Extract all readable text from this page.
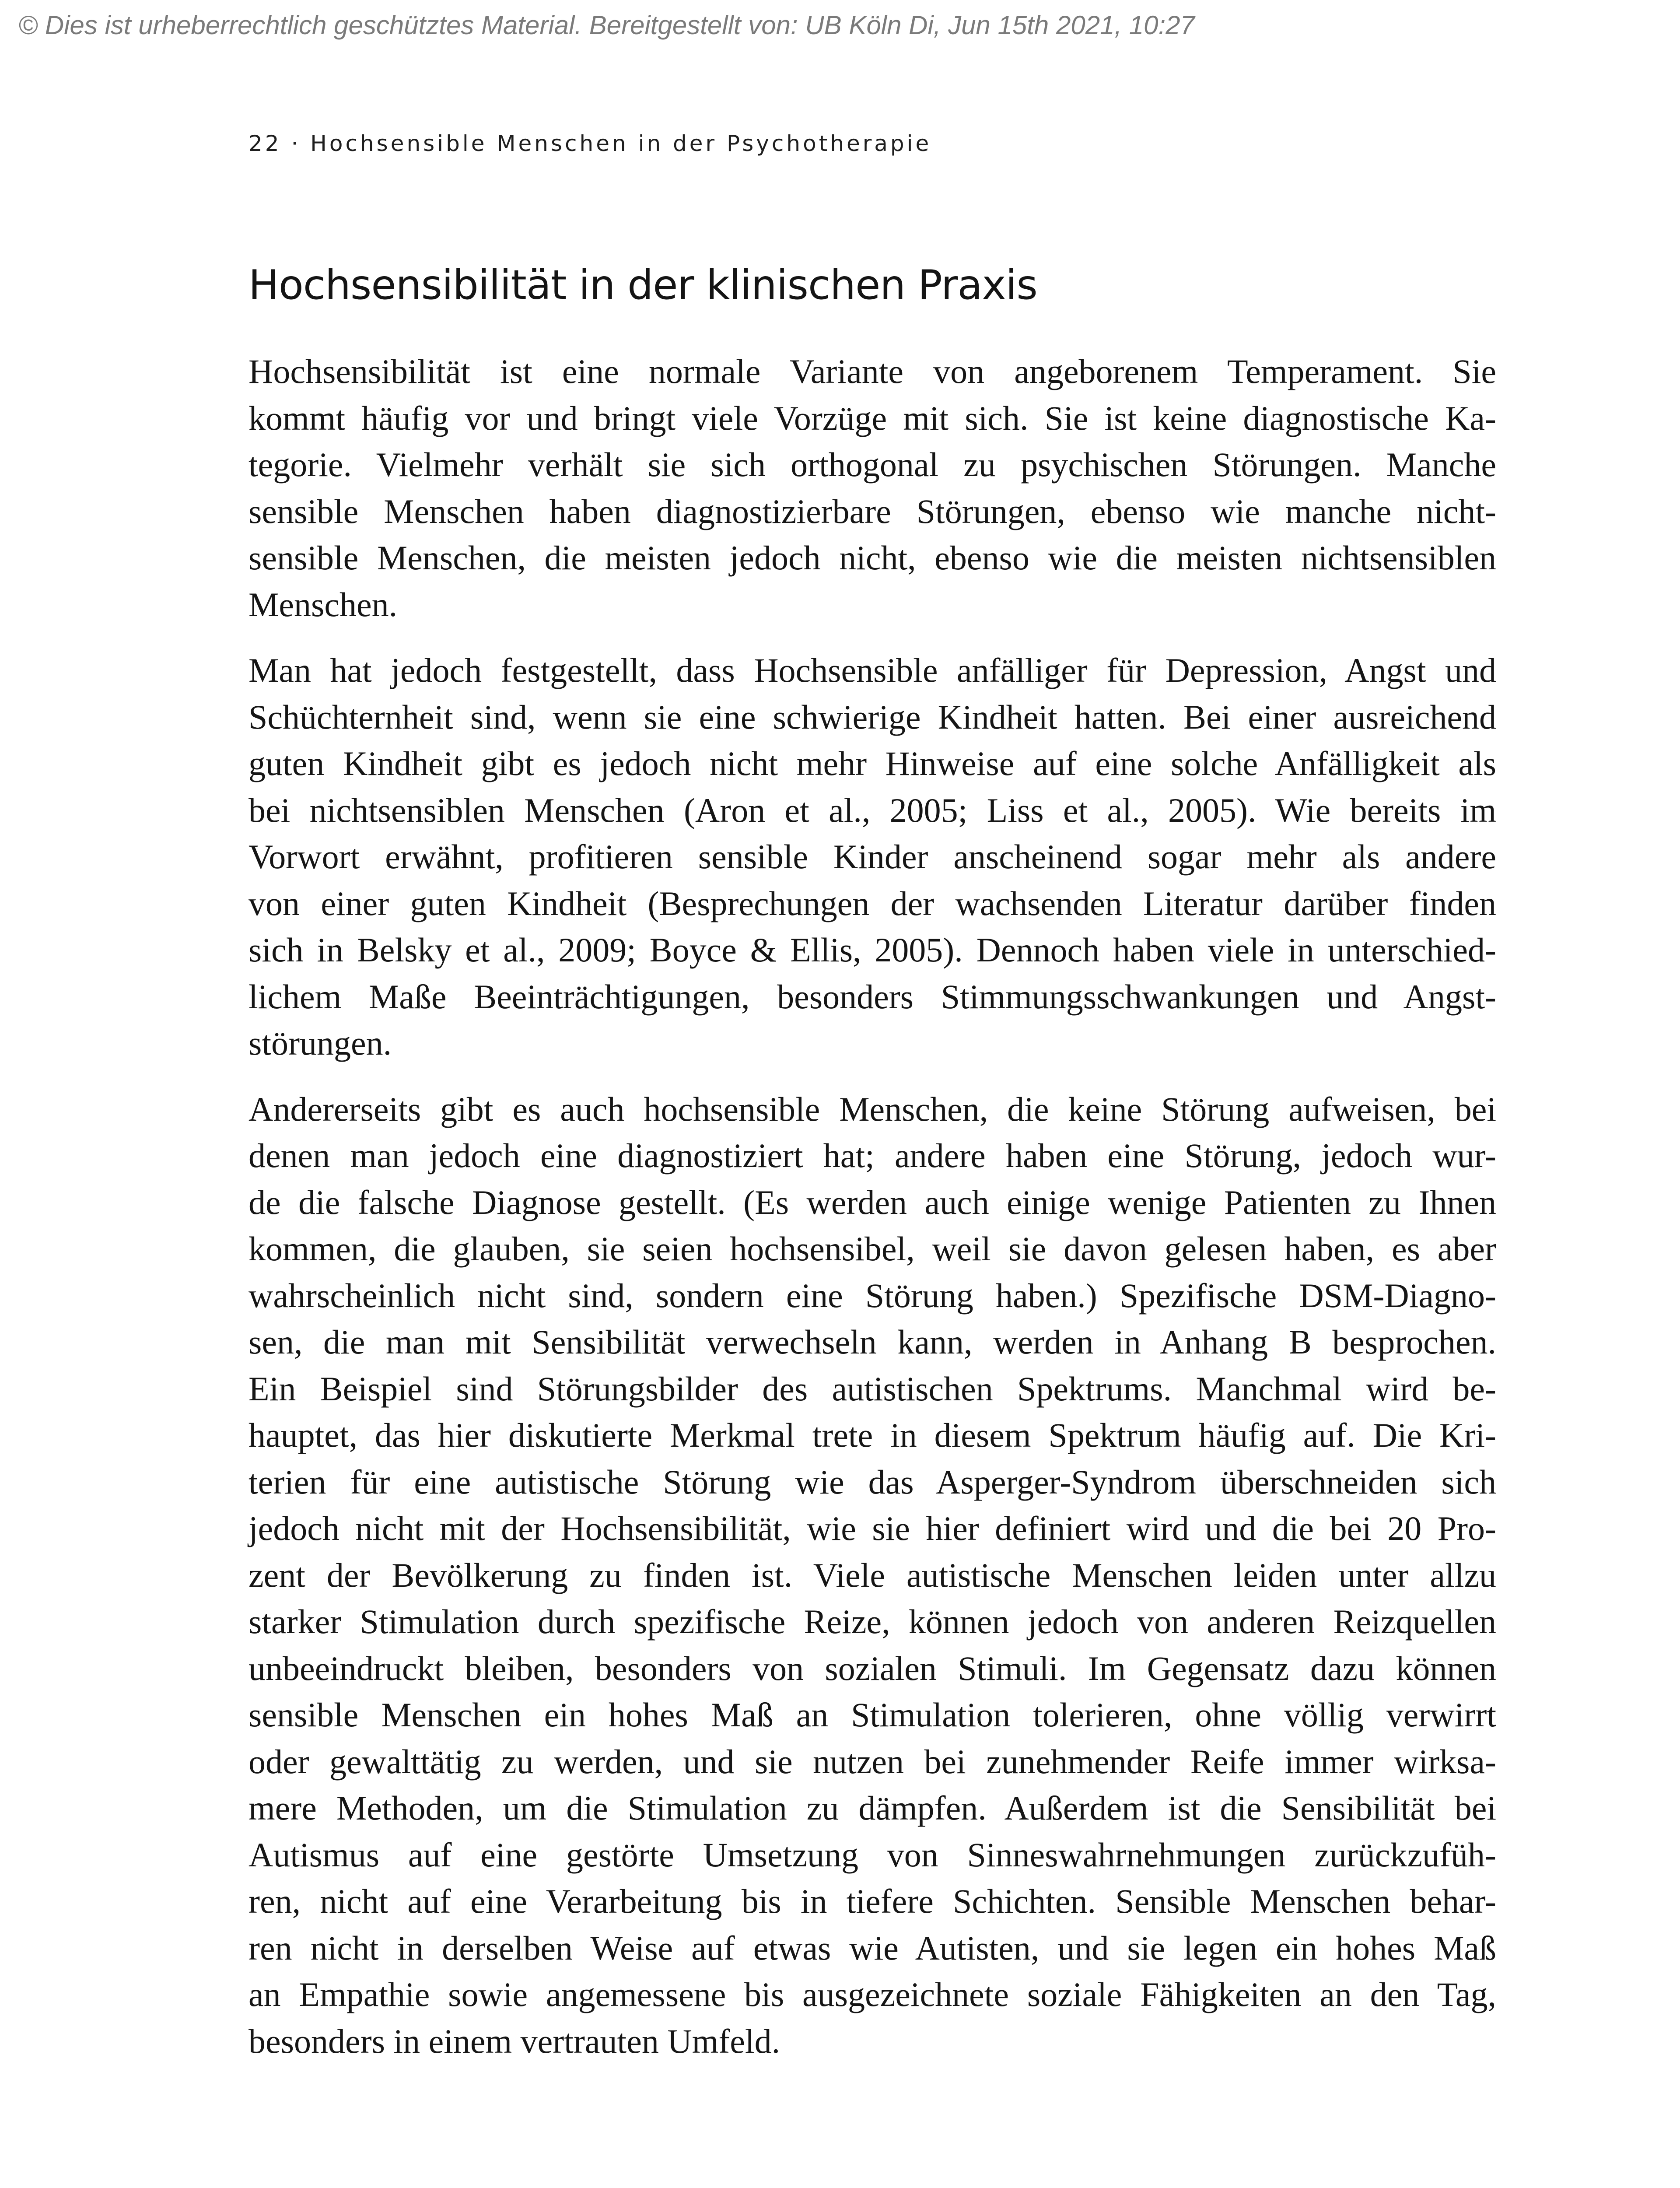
© Dies ist urheberrechtlich geschütztes Material. Bereitgestellt von: UB Köln Di, Jun 15th 2021, 10:27

22 · Hochsensible Menschen in der Psychotherapie

Hochsensibilität in der klinischen Praxis

Hochsensibilität ist eine normale Variante von angeborenem Temperament. Sie
kommt häufig vor und bringt viele Vorzüge mit sich. Sie ist keine diagnostische Ka-
tegorie. Vielmehr verhält sie sich orthogonal zu psychischen Störungen. Manche
sensible Menschen haben diagnostizierbare Störungen, ebenso wie manche nicht-
sensible Menschen, die meisten jedoch nicht, ebenso wie die meisten nichtsensiblen
Menschen.

Man hat jedoch festgestellt, dass Hochsensible anfälliger für Depression, Angst und
Schüchternheit sind, wenn sie eine schwierige Kindheit hatten. Bei einer ausreichend
guten Kindheit gibt es jedoch nicht mehr Hinweise auf eine solche Anfälligkeit als
bei nichtsensiblen Menschen (Aron et al., 2005; Liss et al., 2005). Wie bereits im
Vorwort erwähnt, profitieren sensible Kinder anscheinend sogar mehr als andere
von einer guten Kindheit (Besprechungen der wachsenden Literatur darüber finden
sich in Belsky et al., 2009; Boyce & Ellis, 2005). Dennoch haben viele in unterschied-
lichem Maße Beeinträchtigungen, besonders Stimmungsschwankungen und Angst-
störungen.

Andererseits gibt es auch hochsensible Menschen, die keine Störung aufweisen, bei
denen man jedoch eine diagnostiziert hat; andere haben eine Störung, jedoch wur-
de die falsche Diagnose gestellt. (Es werden auch einige wenige Patienten zu Ihnen
kommen, die glauben, sie seien hochsensibel, weil sie davon gelesen haben, es aber
wahrscheinlich nicht sind, sondern eine Störung haben.) Spezifische DSM-Diagno-
sen, die man mit Sensibilität verwechseln kann, werden in Anhang B besprochen.
Ein Beispiel sind Störungsbilder des autistischen Spektrums. Manchmal wird be-
hauptet, das hier diskutierte Merkmal trete in diesem Spektrum häufig auf. Die Kri-
terien für eine autistische Störung wie das Asperger-Syndrom überschneiden sich
jedoch nicht mit der Hochsensibilität, wie sie hier definiert wird und die bei 20 Pro-
zent der Bevölkerung zu finden ist. Viele autistische Menschen leiden unter allzu
starker Stimulation durch spezifische Reize, können jedoch von anderen Reizquellen
unbeeindruckt bleiben, besonders von sozialen Stimuli. Im Gegensatz dazu können
sensible Menschen ein hohes Maß an Stimulation tolerieren, ohne völlig verwirrt
oder gewalttätig zu werden, und sie nutzen bei zunehmender Reife immer wirksa-
mere Methoden, um die Stimulation zu dämpfen. Außerdem ist die Sensibilität bei
Autismus auf eine gestörte Umsetzung von Sinneswahrnehmungen zurückzufüh-
ren, nicht auf eine Verarbeitung bis in tiefere Schichten. Sensible Menschen behar-
ren nicht in derselben Weise auf etwas wie Autisten, und sie legen ein hohes Maß
an Empathie sowie angemessene bis ausgezeichnete soziale Fähigkeiten an den Tag,
besonders in einem vertrauten Umfeld.
